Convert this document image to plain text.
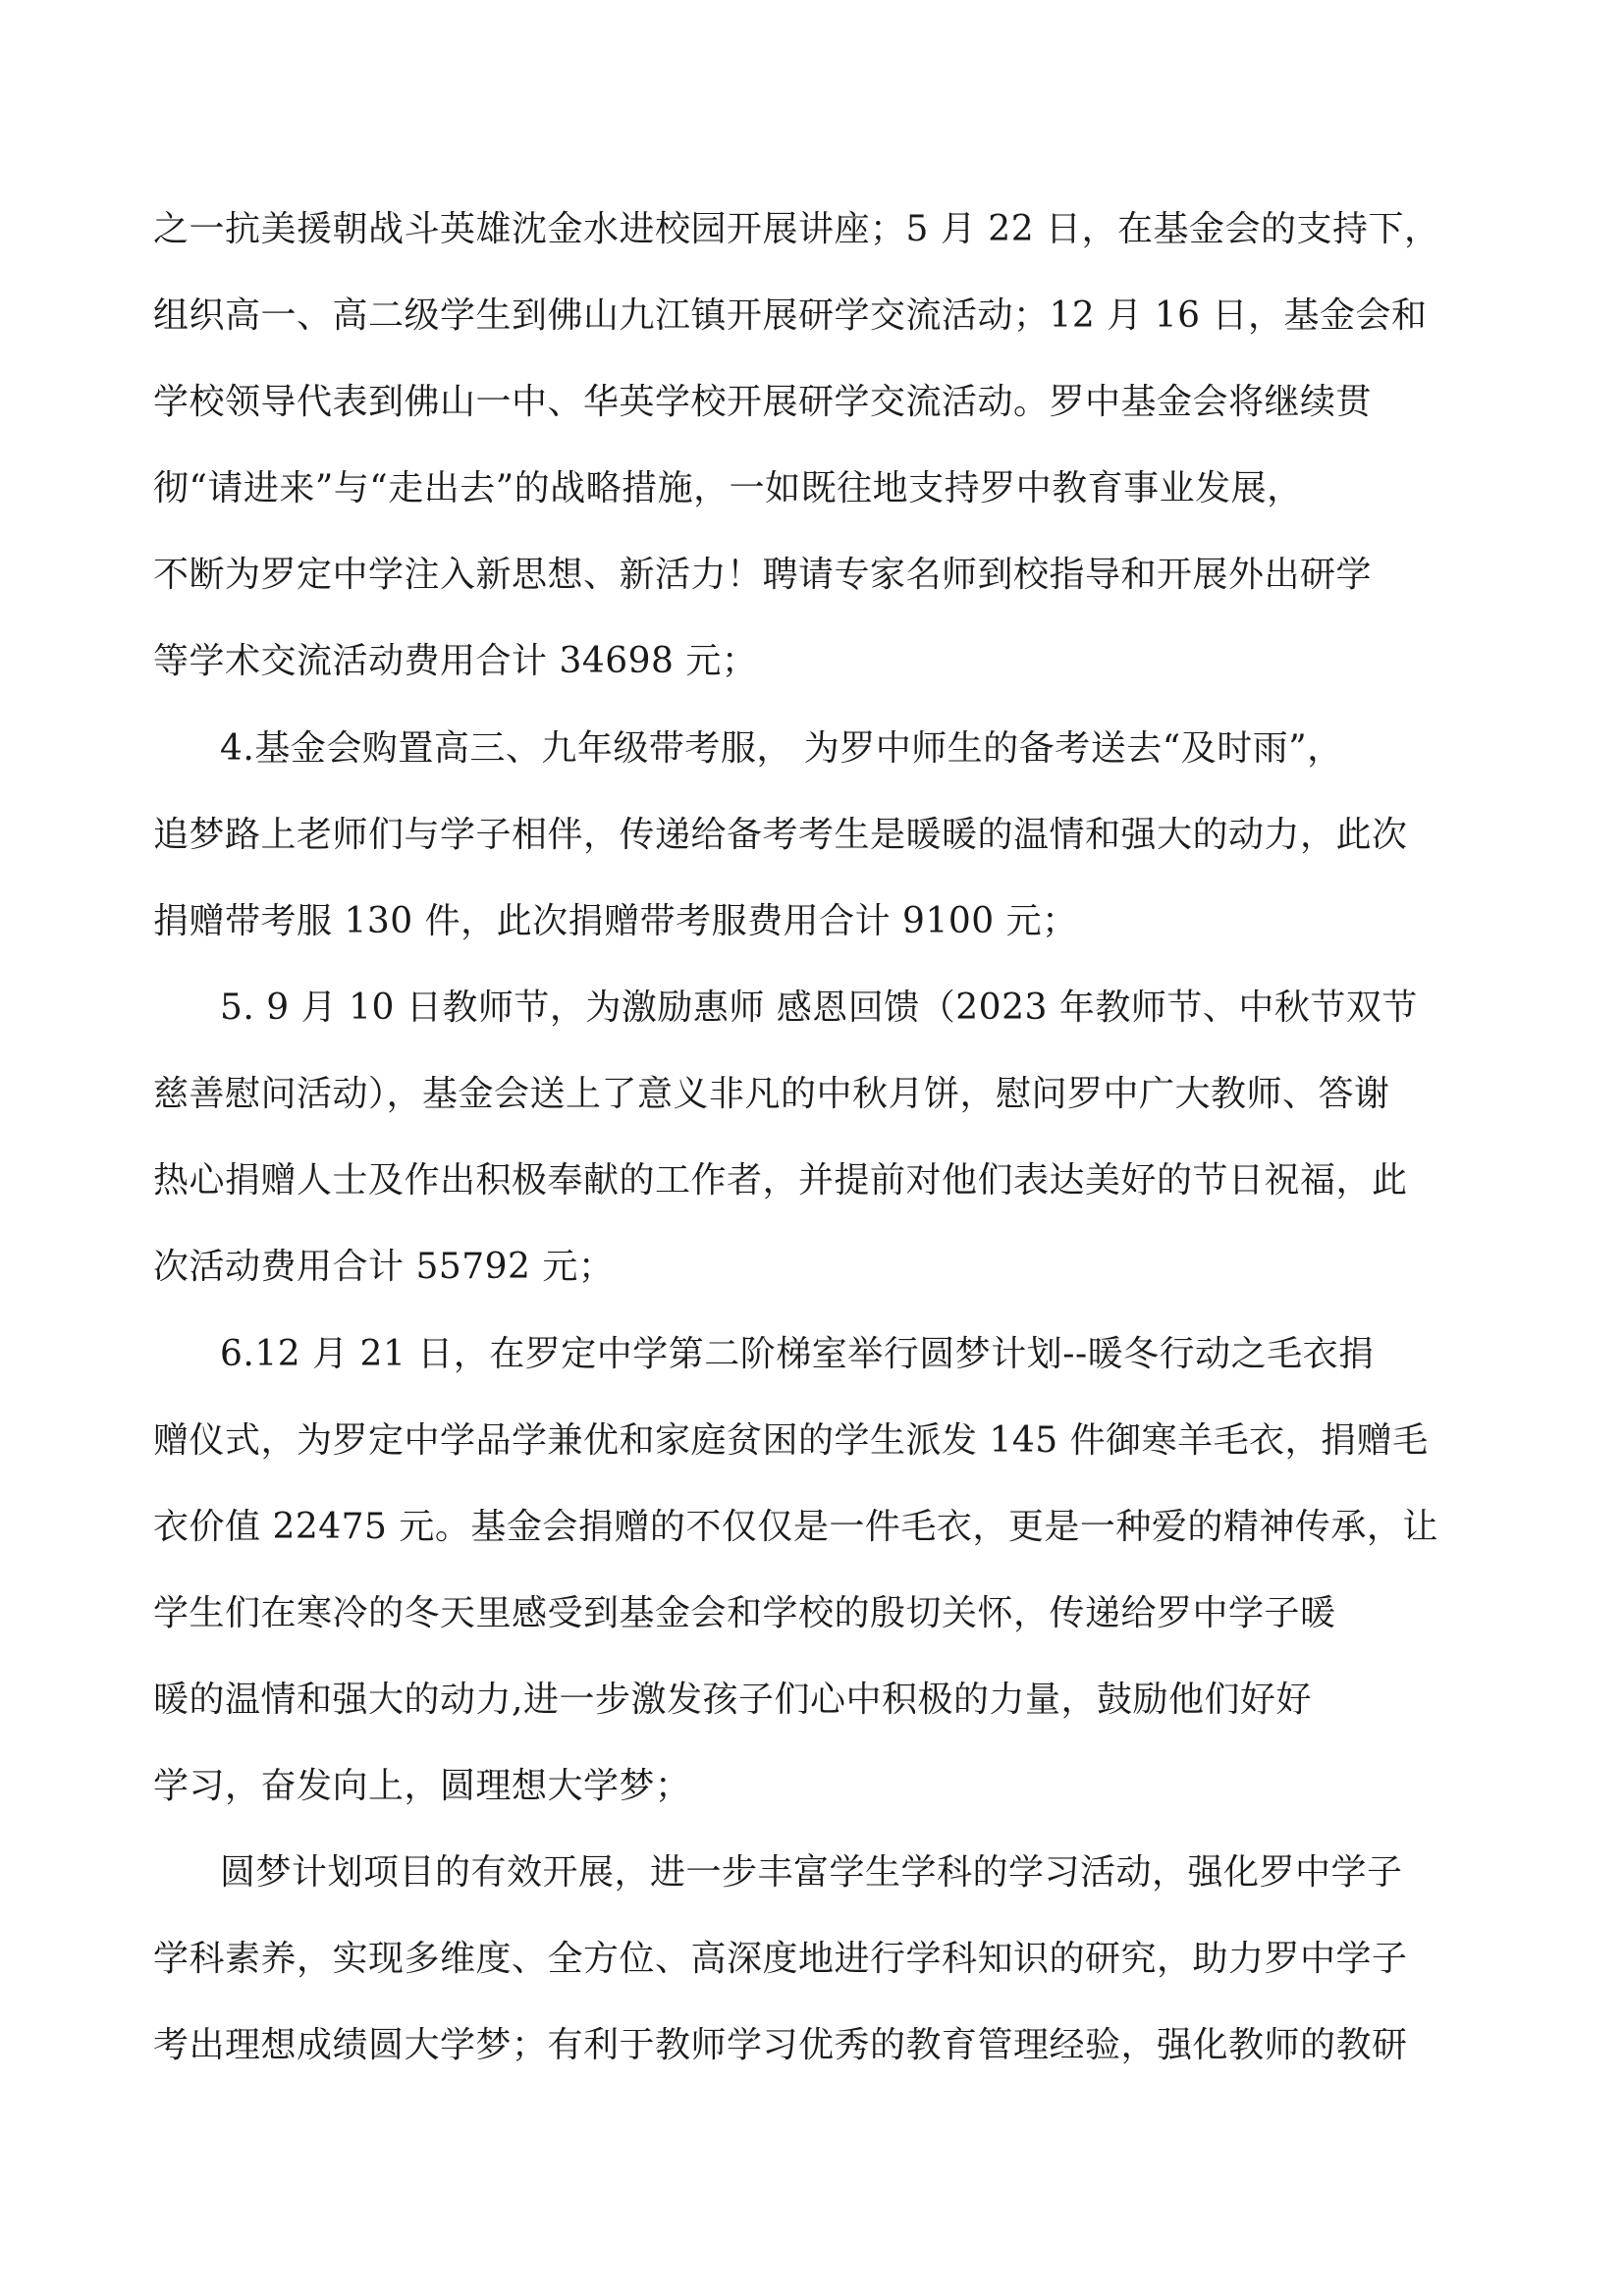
之一抗美援朝战斗英雄沈金水进校园开展讲座；5 月 22 日，在基金会的支持下，

组织高一、高二级学生到佛山九江镇开展研学交流活动；12 月 16 日，基金会和

学校领导代表到佛山一中、华英学校开展研学交流活动。罗中基金会将继续贯

彻“请进来”与“走出去”的战略措施，一如既往地支持罗中教育事业发展，

不断为罗定中学注入新思想、新活力！聘请专家名师到校指导和开展外出研学

等学术交流活动费用合计 34698 元；

4.基金会购置高三、九年级带考服， 为罗中师生的备考送去“及时雨”，

追梦路上老师们与学子相伴，传递给备考考生是暖暖的温情和强大的动力，此次

捐赠带考服 130 件，此次捐赠带考服费用合计 9100 元；

5. 9 月 10 日教师节，为激励惠师 感恩回馈（2023 年教师节、中秋节双节

慈善慰问活动），基金会送上了意义非凡的中秋月饼，慰问罗中广大教师、答谢

热心捐赠人士及作出积极奉献的工作者，并提前对他们表达美好的节日祝福，此

次活动费用合计 55792 元；

6.12 月 21 日，在罗定中学第二阶梯室举行圆梦计划--暖冬行动之毛衣捐

赠仪式，为罗定中学品学兼优和家庭贫困的学生派发 145 件御寒羊毛衣，捐赠毛

衣价值 22475 元。基金会捐赠的不仅仅是一件毛衣，更是一种爱的精神传承，让

学生们在寒冷的冬天里感受到基金会和学校的殷切关怀，传递给罗中学子暖

暖的温情和强大的动力,进一步激发孩子们心中积极的力量，鼓励他们好好

学习，奋发向上，圆理想大学梦；

圆梦计划项目的有效开展，进一步丰富学生学科的学习活动，强化罗中学子

学科素养，实现多维度、全方位、高深度地进行学科知识的研究，助力罗中学子

考出理想成绩圆大学梦；有利于教师学习优秀的教育管理经验，强化教师的教研
